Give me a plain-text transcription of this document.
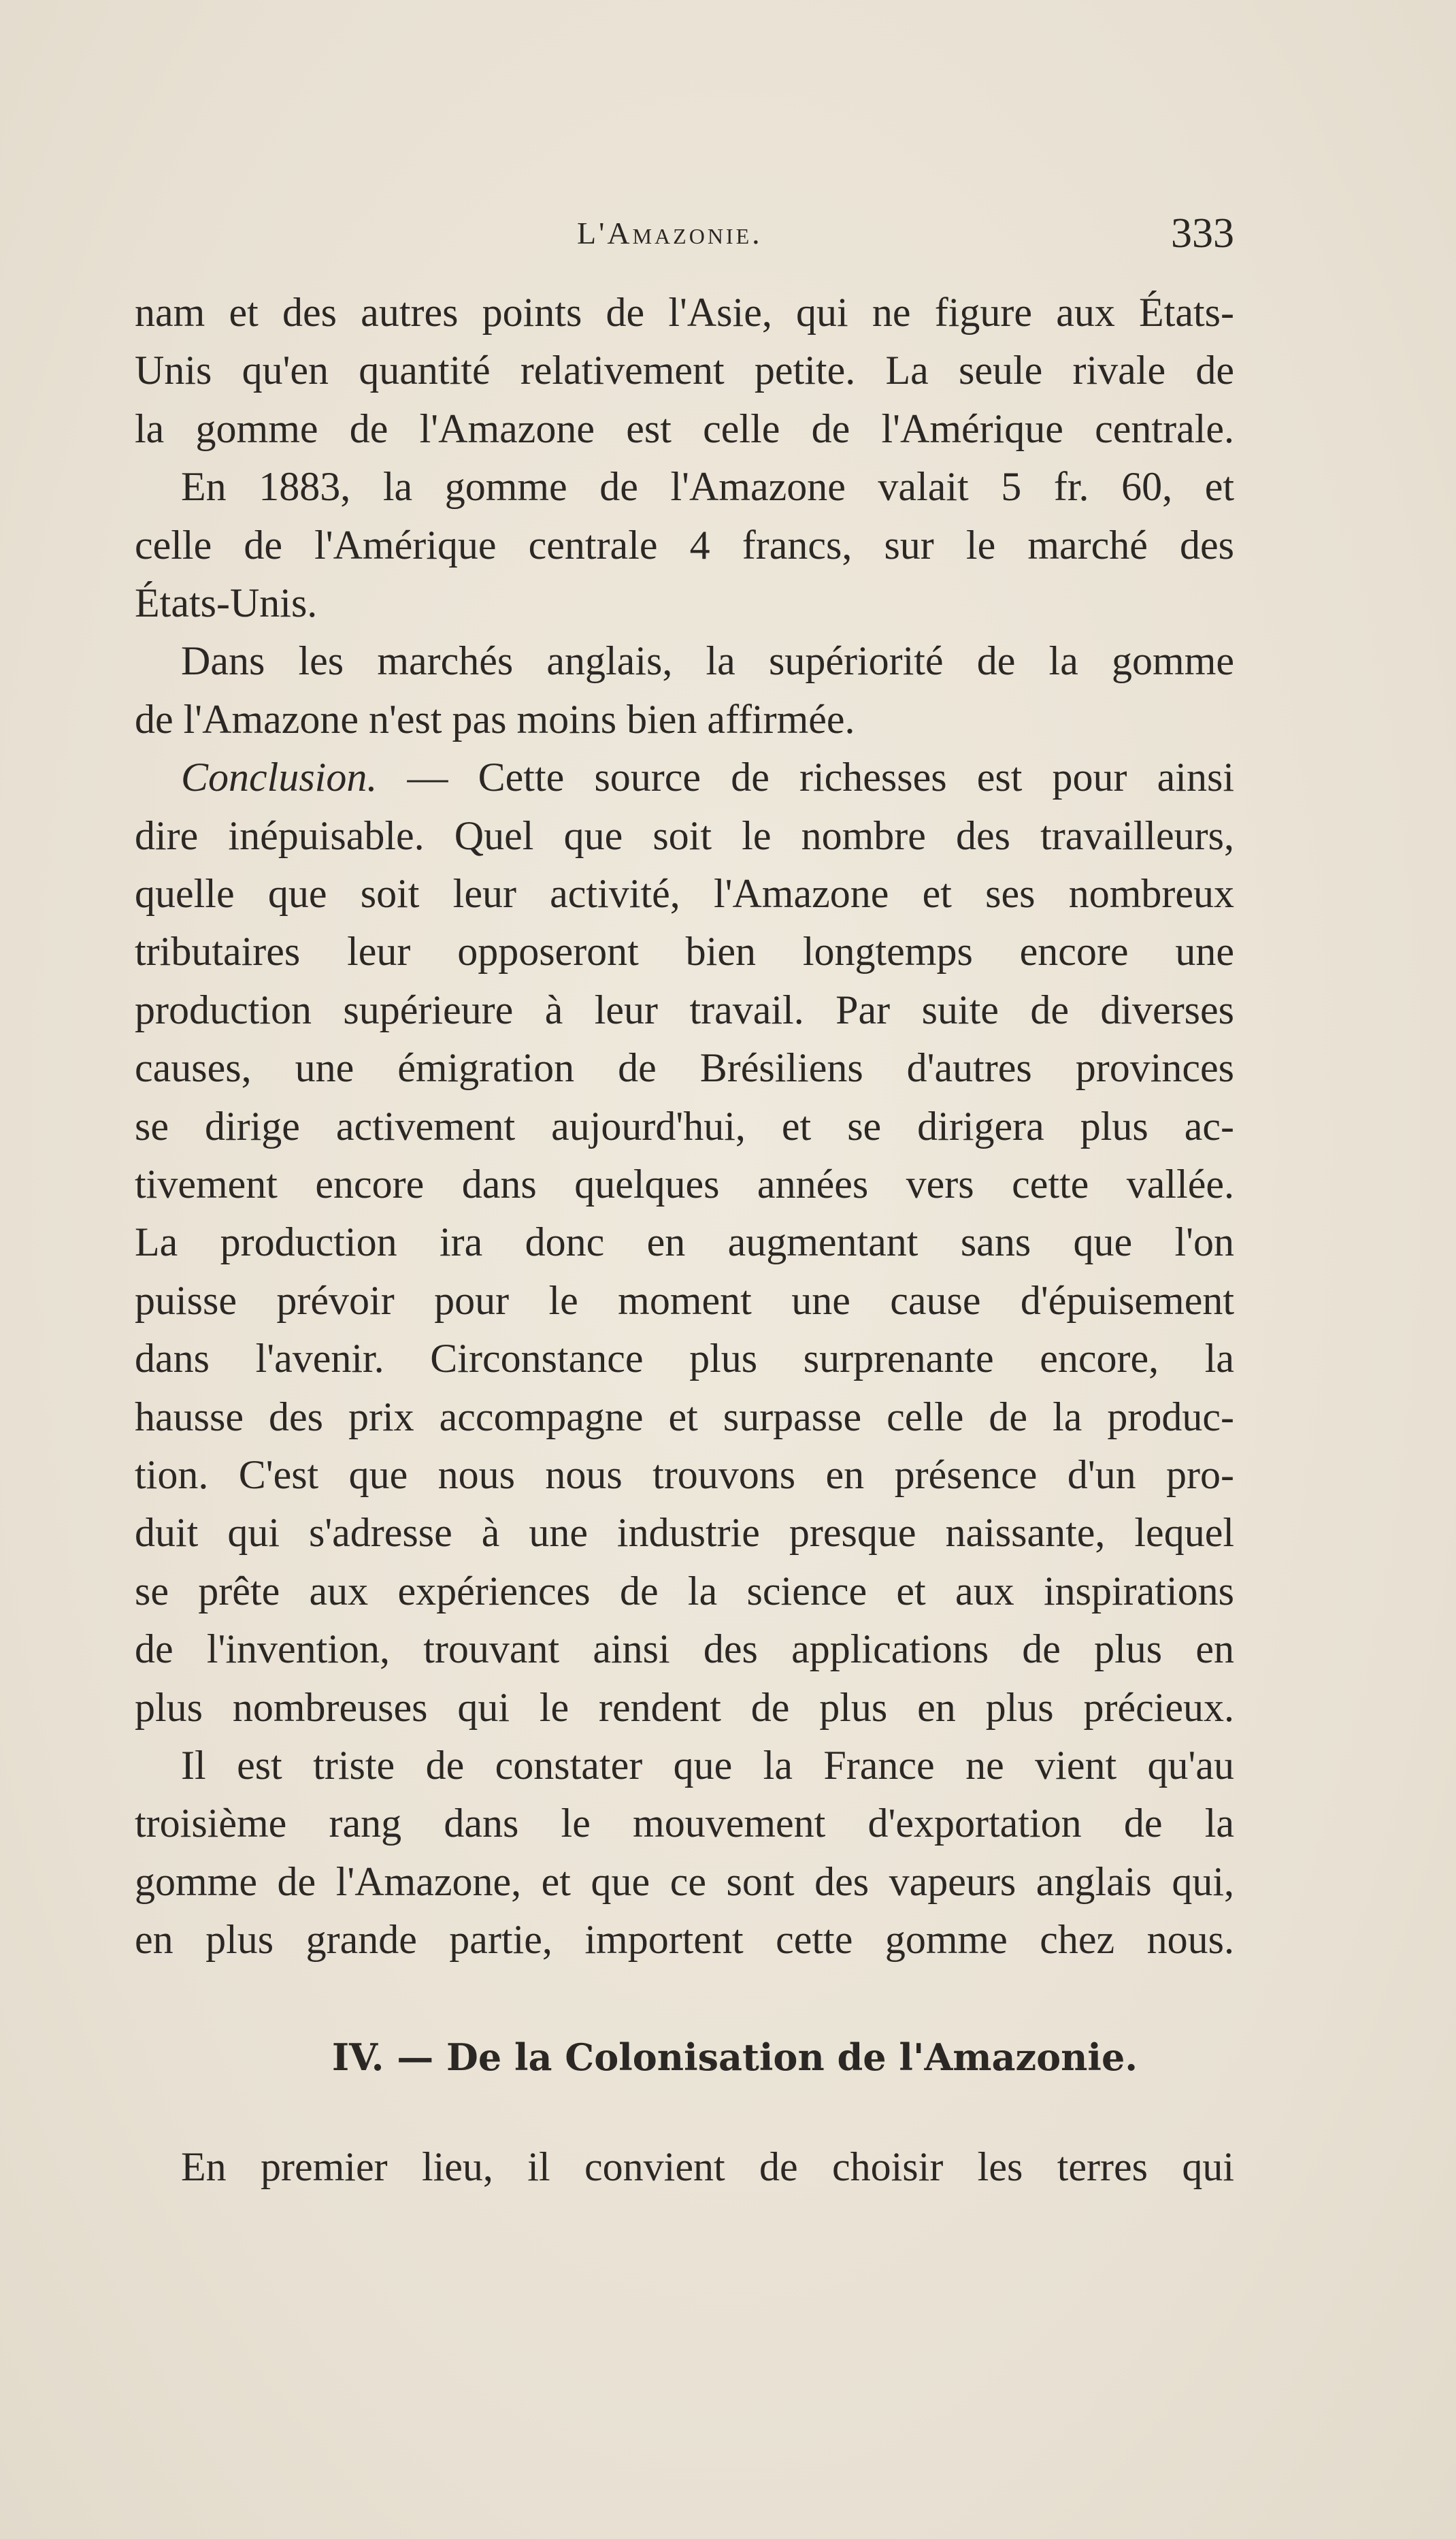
L'Amazonie.	333
nam et des autres points de l'Asie, qui ne figure aux États-
Unis qu'en quantité relativement petite. La seule rivale de
la gomme de l'Amazone est celle de l'Amérique centrale.
En 1883, la gomme de l'Amazone valait 5 fr. 60, et
celle de l'Amérique centrale 4 francs, sur le marché des
États-Unis.
Dans les marchés anglais, la supériorité de la gomme
de l'Amazone n'est pas moins bien affirmée.
Conclusion. — Cette source de richesses est pour ainsi
dire inépuisable. Quel que soit le nombre des travailleurs,
quelle que soit leur activité, l'Amazone et ses nombreux
tributaires leur opposeront bien longtemps encore une
production supérieure à leur travail. Par suite de diverses
causes, une émigration de Brésiliens d'autres provinces
se dirige activement aujourd'hui, et se dirigera plus ac-
tivement encore dans quelques années vers cette vallée.
La production ira donc en augmentant sans que l'on
puisse prévoir pour le moment une cause d'épuisement
dans l'avenir. Circonstance plus surprenante encore, la
hausse des prix accompagne et surpasse celle de la produc-
tion. C'est que nous nous trouvons en présence d'un pro-
duit qui s'adresse à une industrie presque naissante, lequel
se prête aux expériences de la science et aux inspirations
de l'invention, trouvant ainsi des applications de plus en
plus nombreuses qui le rendent de plus en plus précieux.
Il est triste de constater que la France ne vient qu'au
troisième rang dans le mouvement d'exportation de la
gomme de l'Amazone, et que ce sont des vapeurs anglais qui,
en plus grande partie, importent cette gomme chez nous.
IV. — De la Colonisation de l'Amazonie.
En premier lieu, il convient de choisir les terres qui
